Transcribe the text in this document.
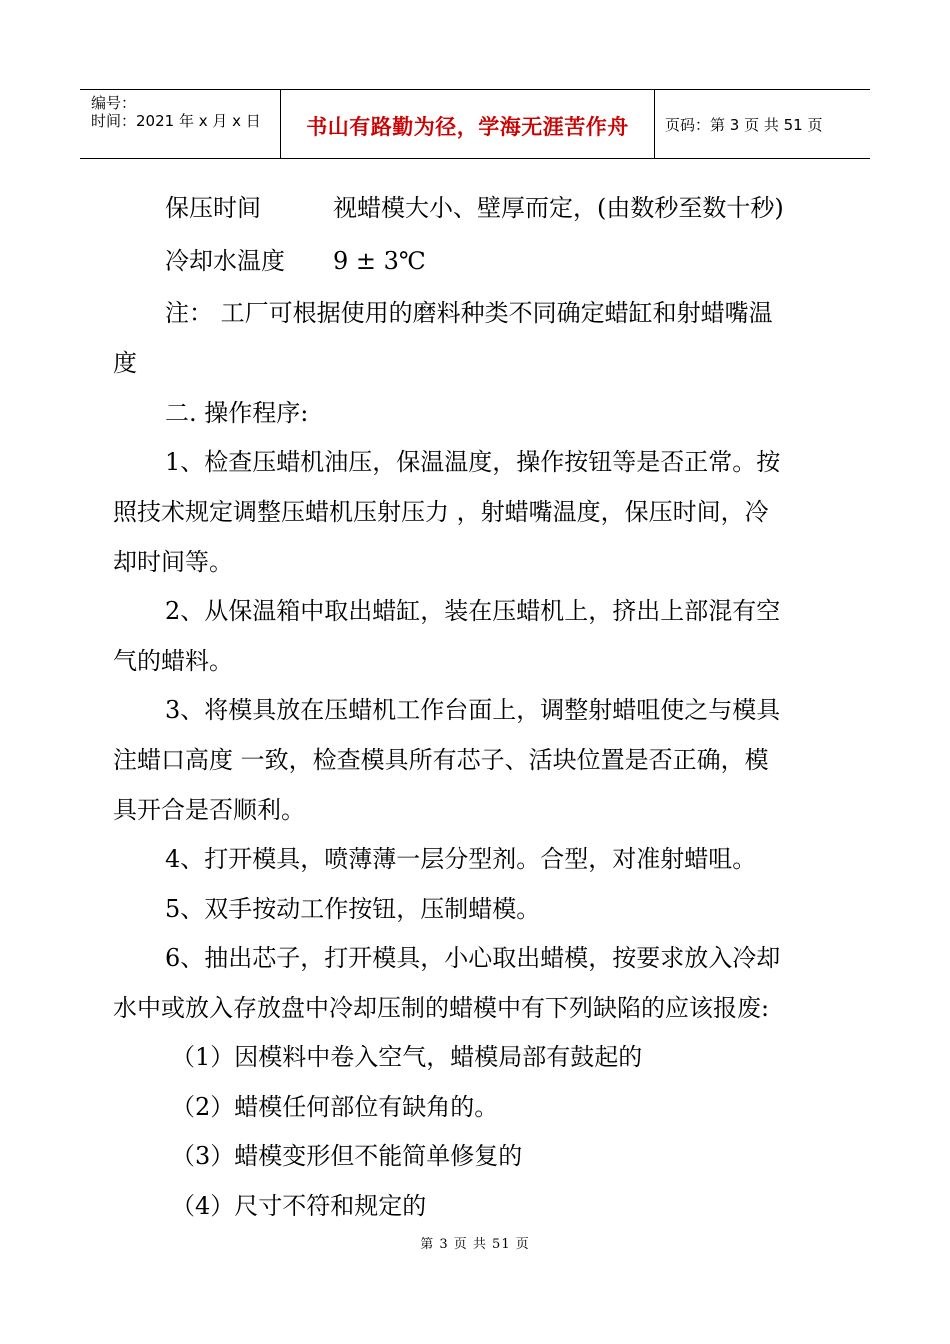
编号：
时间：2021 年 x 月 x 日	书山有路勤为径，学海无涯苦作舟 页码：第 3 页 共 51 页
保压时间	视蜡模大小、壁厚而定，(由数秒至数十秒)
冷却水温度 9 ± 3℃
注： 工厂可根据使用的磨料种类不同确定蜡缸和射蜡嘴温
度
二. 操作程序:
1、检查压蜡机油压，保温温度，操作按钮等是否正常。按
照技术规定调整压蜡机压射压力 ，射蜡嘴温度，保压时间，冷
却时间等。
2、从保温箱中取出蜡缸，装在压蜡机上，挤出上部混有空
气的蜡料。
3、将模具放在压蜡机工作台面上，调整射蜡咀使之与模具
注蜡口高度 一致，检查模具所有芯子、活块位置是否正确，模
具开合是否顺利。
4、打开模具，喷薄薄一层分型剂。合型，对准射蜡咀。
5、双手按动工作按钮，压制蜡模。
6、抽出芯子，打开模具，小心取出蜡模，按要求放入冷却
水中或放入存放盘中冷却压制的蜡模中有下列缺陷的应该报废:
（1）因模料中卷入空气，蜡模局部有鼓起的
（2）蜡模任何部位有缺角的。
（3）蜡模变形但不能简单修复的
（4）尺寸不符和规定的
第 3 页 共 51 页
